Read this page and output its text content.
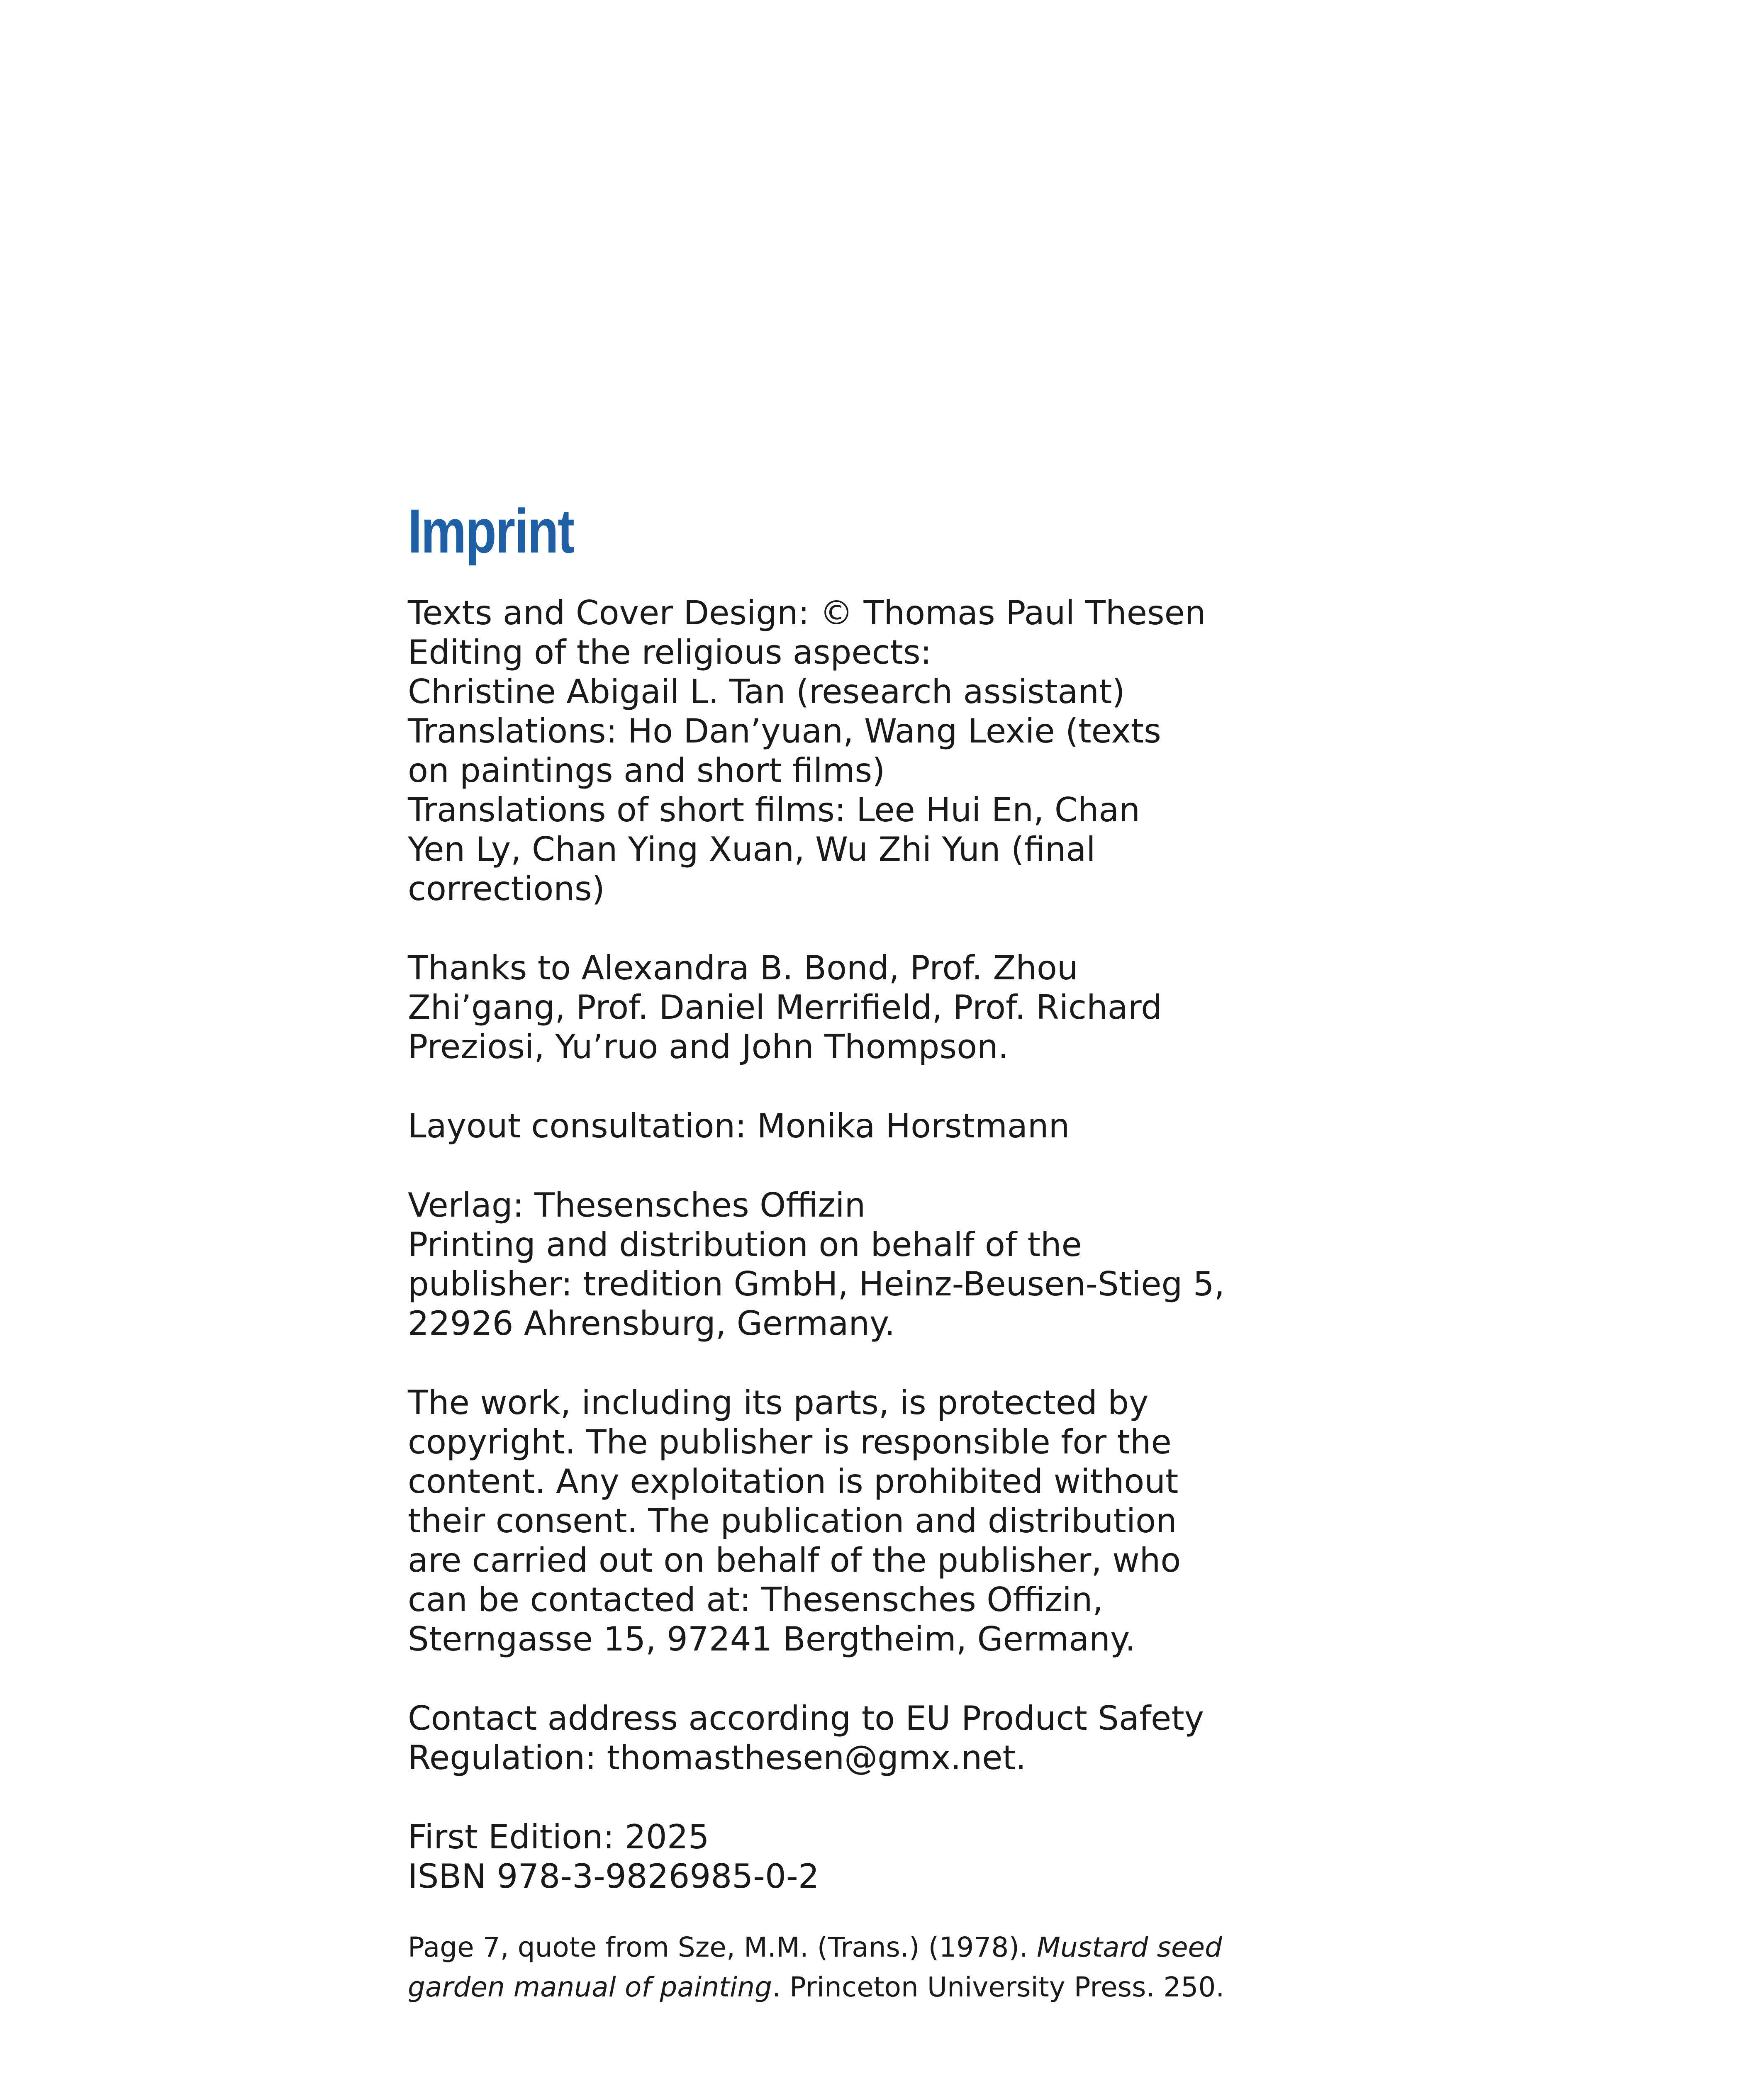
Imprint
Texts and Cover Design: © Thomas Paul Thesen
Editing of the religious aspects:
Christine Abigail L. Tan (research assistant)
Translations: Ho Dan’yuan, Wang Lexie (texts
on paintings and short films)
Translations of short films: Lee Hui En, Chan
Yen Ly, Chan Ying Xuan, Wu Zhi Yun (final
corrections)
Thanks to Alexandra B. Bond, Prof. Zhou
Zhi’gang, Prof. Daniel Merrifield, Prof. Richard
Preziosi, Yu’ruo and John Thompson.
Layout consultation: Monika Horstmann
Verlag: Thesensches Offizin
Printing and distribution on behalf of the
publisher: tredition GmbH, Heinz-Beusen-Stieg 5,
22926 Ahrensburg, Germany.
The work, including its parts, is protected by
copyright. The publisher is responsible for the
content. Any exploitation is prohibited without
their consent. The publication and distribution
are carried out on behalf of the publisher, who
can be contacted at: Thesensches Offizin,
Sterngasse 15, 97241 Bergtheim, Germany.
Contact address according to EU Product Safety
Regulation: thomasthesen@gmx.net.
First Edition: 2025
ISBN 978-3-9826985-0-2
Page 7, quote from Sze, M.M. (Trans.) (1978). Mustard seed
garden manual of painting. Princeton University Press. 250.
